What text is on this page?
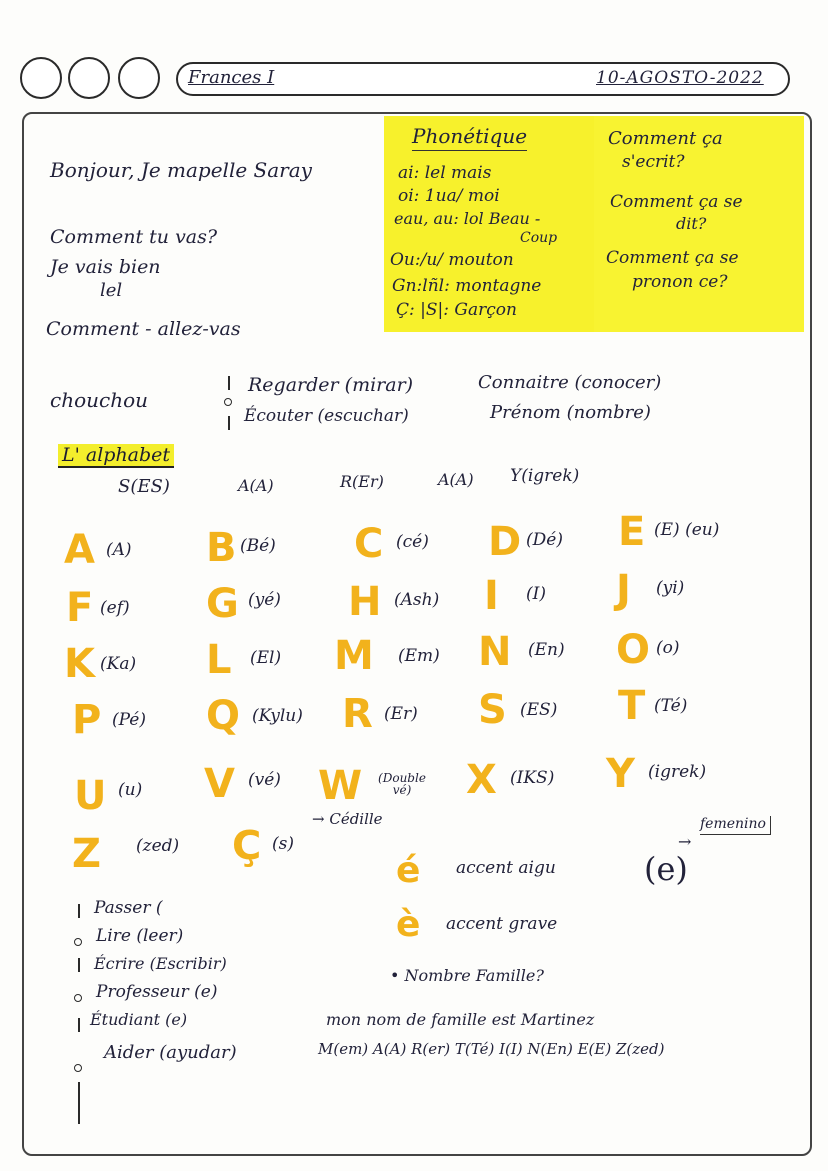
Frances I	10-AGOSTO-2022
Phonétique
ai: lel mais
oi: 1ua/ moi
eau, au: lol Beau -
Coup
Ou:/u/ mouton
Gn:lñl: montagne
Ç: |S|: Garçon
Comment ça
s'ecrit?
Comment ça se
dit?
Comment ça se
pronon ce?
Bonjour, Je mapelle Saray
Comment tu vas?
Je vais bien
lel
Comment - allez-vas
chouchou
Regarder (mirar)
Écouter (escuchar)
Connaitre (conocer)
Prénom (nombre)
L' alphabet
S(ES)	A(A)	R(Er)	A(A) Y(igrek)
A (A) B (Bé) C (cé) D (Dé) E (E) (eu)
F (ef) G (yé) H (Ash) I (I) J (yi)
K (Ka) L (El) M (Em) N (En) O (o)
P (Pé) Q (Kylu) R (Er) S (ES) T (Té)
U (u) V (vé) W	(Double vé)	X (IKS) Y (igrek)
Z (zed) Ç (s)
→ Cédille	femenino
→
(e)
é accent aigu
è accent grave
Passer (
Lire (leer)
Écrire (Escribir)
Professeur (e)
Étudiant (e)
Aider (ayudar)
• Nombre Famille?
mon nom de famille est Martinez
M(em) A(A) R(er) T(Té) I(I) N(En) E(E) Z(zed)
